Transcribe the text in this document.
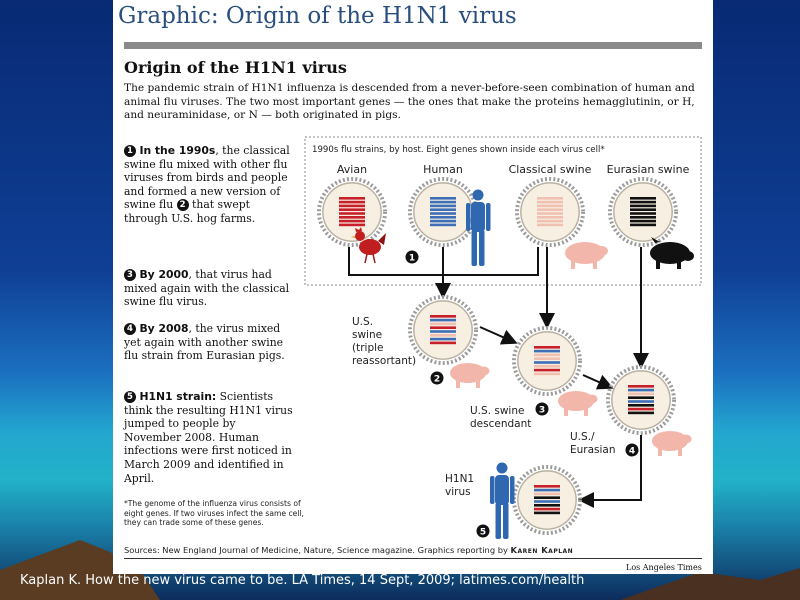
Graphic: Origin of the H1N1 virus
Origin of the H1N1 virus
The pandemic strain of H1N1 influenza is descended from a never-before-seen combination of human and animal flu viruses. The two most important genes — the ones that make the proteins hemagglutinin, or H, and neuraminidase, or N — both originated in pigs.
1 In the 1990s, the classical swine flu mixed with other flu viruses from birds and people and formed a new version of swine flu 2 that swept through U.S. hog farms.
3 By 2000, that virus had mixed again with the classical swine flu virus.
4 By 2008, the virus mixed yet again with another swine flu strain from Eurasian pigs.
5 H1N1 strain: Scientists think the resulting H1N1 virus jumped to people by November 2008. Human infections were first noticed in March 2009 and identified in April.
*The genome of the influenza virus consists of eight genes. If two viruses infect the same cell, they can trade some of these genes.
Sources: New England Journal of Medicine, Nature, Science magazine. Graphics reporting by Karen Kaplan
Los Angeles Times
1990s flu strains, by host. Eight genes shown inside each virus cell*
Avian	Human	Classical swine Eurasian swine
1
U.S.
swine
(triple
reassortant)
2
U.S. swine
descendant
3
U.S./
Eurasian 4
H1N1
virus
5
Kaplan K. How the new virus came to be. LA Times, 14 Sept, 2009; latimes.com/health
